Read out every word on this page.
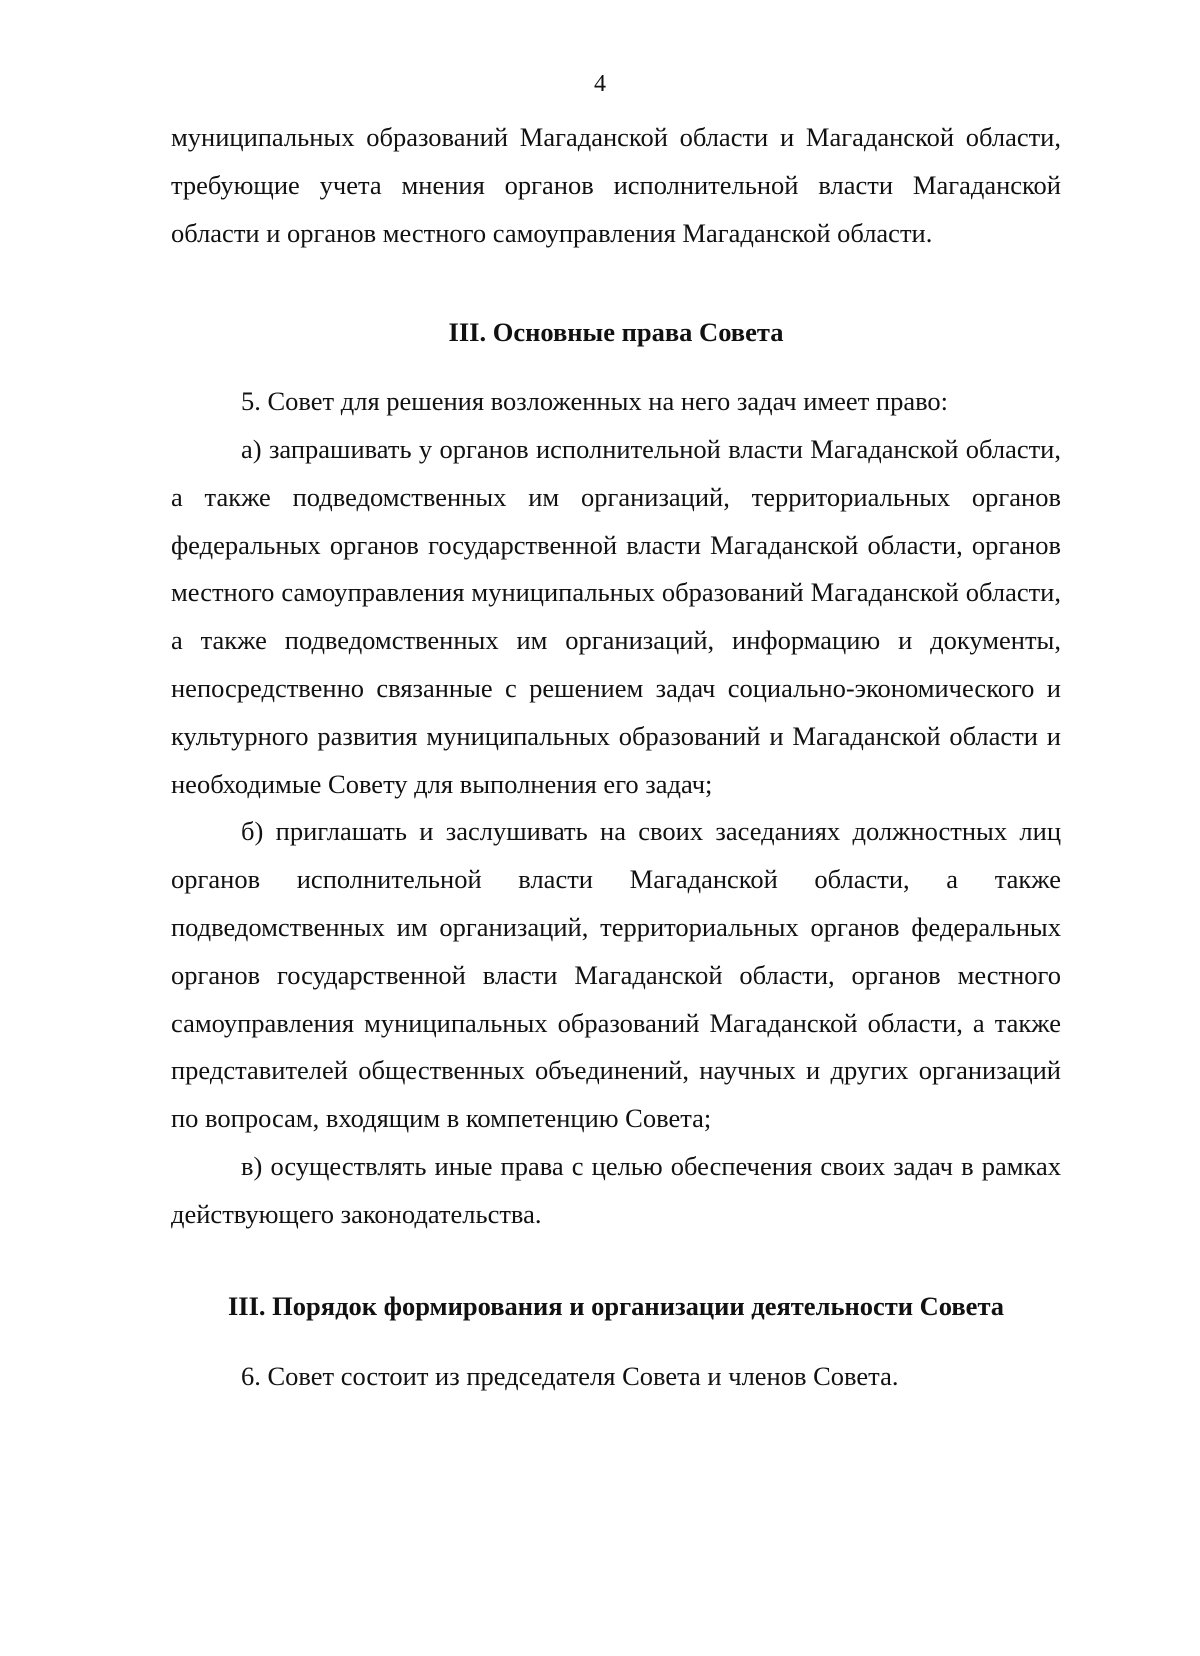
4

муниципальных образований Магаданской области и Магаданской области, требующие учета мнения органов исполнительной власти Магаданской области и органов местного самоуправления Магаданской области.

III. Основные права Совета

5. Совет для решения возложенных на него задач имеет право:

а) запрашивать у органов исполнительной власти Магаданской области, а также подведомственных им организаций, территориальных органов федеральных органов государственной власти Магаданской области, органов местного самоуправления муниципальных образований Магаданской области, а также подведомственных им организаций, информацию и документы, непосредственно связанные с решением задач социально-экономического и культурного развития муниципальных образований и Магаданской области и необходимые Совету для выполнения его задач;

б) приглашать и заслушивать на своих заседаниях должностных лиц органов исполнительной власти Магаданской области, а также подведомственных им организаций, территориальных органов федеральных органов государственной власти Магаданской области, органов местного самоуправления муниципальных образований Магаданской области, а также представителей общественных объединений, научных и других организаций по вопросам, входящим в компетенцию Совета;

в) осуществлять иные права с целью обеспечения своих задач в рамках действующего законодательства.

III. Порядок формирования и организации деятельности Совета

6. Совет состоит из председателя Совета и членов Совета.
